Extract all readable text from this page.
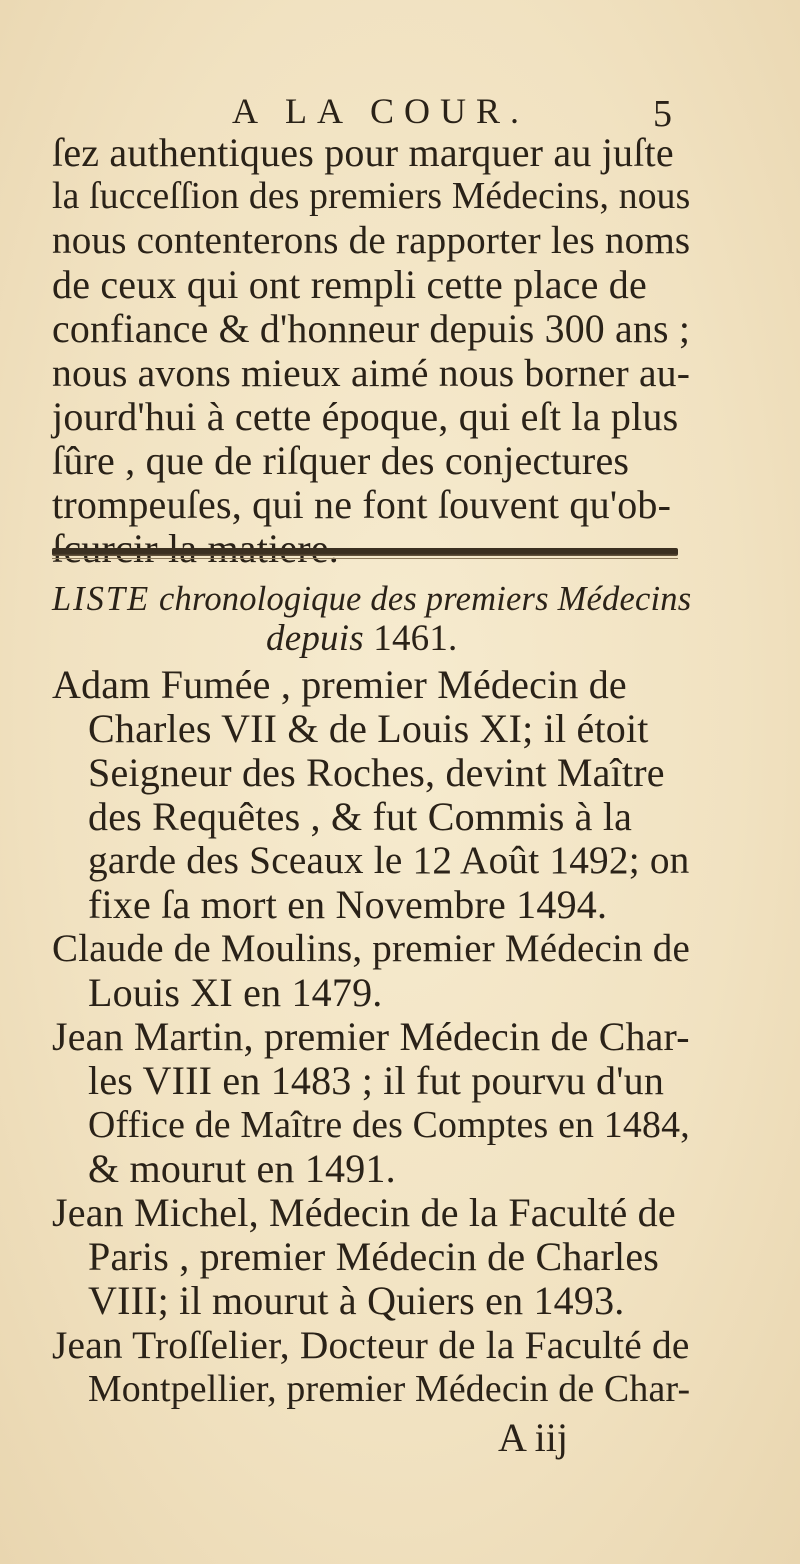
A LA COUR.	5
ſez authentiques pour marquer au juſte
la ſucceſſion des premiers Médecins, nous
nous contenterons de rapporter les noms
de ceux qui ont rempli cette place de
confiance & d'honneur depuis 300 ans ;
nous avons mieux aimé nous borner au-
jourd'hui à cette époque, qui eſt la plus
ſûre , que de riſquer des conjectures
trompeuſes, qui ne font ſouvent qu'ob-
LISTE chronologique des premiers Médecins
depuis 1461.
Adam Fumée , premier Médecin de
Charles VII & de Louis XI; il étoit
Seigneur des Roches, devint Maître
des Requêtes , & fut Commis à la
garde des Sceaux le 12 Août 1492; on
fixe ſa mort en Novembre 1494.
Claude de Moulins, premier Médecin de
Louis XI en 1479.
Jean Martin, premier Médecin de Char-
les VIII en 1483 ; il fut pourvu d'un
Office de Maître des Comptes en 1484,
& mourut en 1491.
Jean Michel, Médecin de la Faculté de
Paris , premier Médecin de Charles
VIII; il mourut à Quiers en 1493.
Jean Troſſelier, Docteur de la Faculté de
Montpellier, premier Médecin de Char-
A iij
